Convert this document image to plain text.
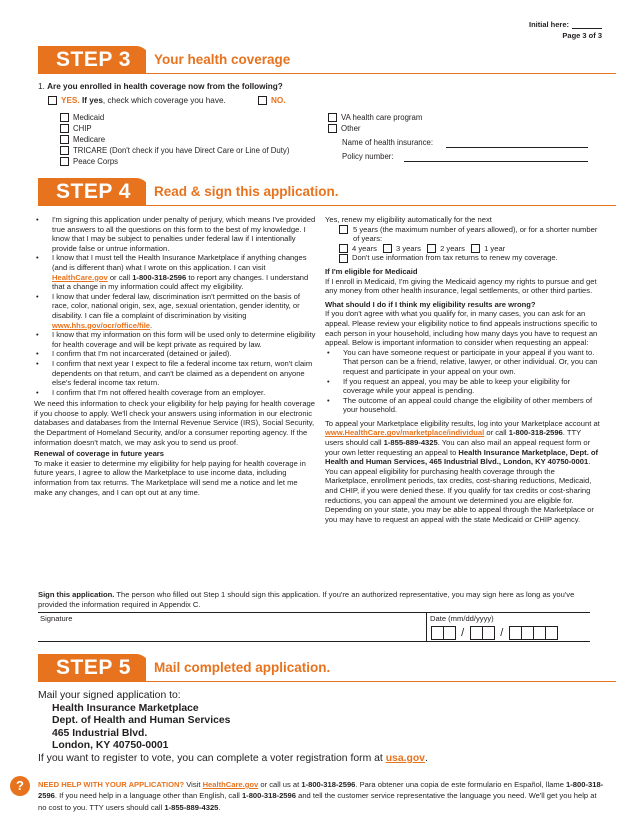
Initial here:
Page 3 of 3
STEP 3	Your health coverage
1. Are you enrolled in health coverage now from the following?
YES. If yes, check which coverage you have.	NO.
Medicaid
CHIP
Medicare
TRICARE (Don't check if you have Direct Care or Line of Duty)
Peace Corps
VA health care program
Other
Name of health insurance:
Policy number:
STEP 4	Read & sign this application.
• I'm signing this application under penalty of perjury, which means I've provided true answers to all the questions on this form to the best of my knowledge. I know that I may be subject to penalties under federal law if I intentionally provide false or untrue information.
• I know that I must tell the Health Insurance Marketplace if anything changes (and is different than) what I wrote on this application. I can visit HealthCare.gov or call 1-800-318-2596 to report any changes. I understand that a change in my information could affect my eligibility.
• I know that under federal law, discrimination isn't permitted on the basis of race, color, national origin, sex, age, sexual orientation, gender identity, or disability. I can file a complaint of discrimination by visiting www.hhs.gov/ocr/office/file.
• I know that my information on this form will be used only to determine eligibility for health coverage and will be kept private as required by law.
• I confirm that I'm not incarcerated (detained or jailed).
• I confirm that next year I expect to file a federal income tax return, won't claim dependents on that return, and can't be claimed as a dependent on anyone else's federal income tax return.
• I confirm that I'm not offered health coverage from an employer.

We need this information to check your eligibility for help paying for health coverage if you choose to apply. We'll check your answers using information in our electronic databases and databases from the Internal Revenue Service (IRS), Social Security, the Department of Homeland Security, and/or a consumer reporting agency. If the information doesn't match, we may ask you to send us proof.

Renewal of coverage in future years

To make it easier to determine my eligibility for help paying for health coverage in future years, I agree to allow the Marketplace to use income data, including information from tax returns. The Marketplace will send me a notice and let me make any changes, and I can opt out at any time.

Yes, renew my eligibility automatically for the next

5 years (the maximum number of years allowed), or for a shorter number of years:
4 years	3 years	2 years	1 year
Don't use information from tax returns to renew my coverage.

If I'm eligible for Medicaid

If I enroll in Medicaid, I'm giving the Medicaid agency my rights to pursue and get any money from other health insurance, legal settlements, or other third parties.

What should I do if I think my eligibility results are wrong?

If you don't agree with what you qualify for, in many cases, you can ask for an appeal. Please review your eligibility notice to find appeals instructions specific to each person in your household, including how many days you have to request an appeal. Below is important information to consider when requesting an appeal:

• You can have someone request or participate in your appeal if you want to. That person can be a friend, relative, lawyer, or other individual. Or, you can request and participate in your appeal on your own.
• If you request an appeal, you may be able to keep your eligibility for coverage while your appeal is pending.
• The outcome of an appeal could change the eligibility of other members of your household.

To appeal your Marketplace eligibility results, log into your Marketplace account at www.HealthCare.gov/marketplace/individual or call 1-800-318-2596. TTY users should call 1-855-889-4325. You can also mail an appeal request form or your own letter requesting an appeal to Health Insurance Marketplace, Dept. of Health and Human Services, 465 Industrial Blvd., London, KY 40750-0001. You can appeal eligibility for purchasing health coverage through the Marketplace, enrollment periods, tax credits, cost-sharing reductions, Medicaid, and CHIP, if you were denied these. If you qualify for tax credits or cost-sharing reductions, you can appeal the amount we determined you are eligible for. Depending on your state, you may be able to appeal through the Marketplace or you may have to request an appeal with the state Medicaid or CHIP agency.

Sign this application. The person who filled out Step 1 should sign this application. If you're an authorized representative, you may sign here as long as you've provided the information required in Appendix C.
Signature	Date (mm/dd/yyyy)
/	/
STEP 5	Mail completed application.

Mail your signed application to:

Health Insurance Marketplace

Dept. of Health and Human Services

465 Industrial Blvd.

London, KY 40750-0001

If you want to register to vote, you can complete a voter registration form at usa.gov.

?	NEED HELP WITH YOUR APPLICATION? Visit HealthCare.gov or call us at 1-800-318-2596. Para obtener una copia de este formulario en Español, llame 1-800-318-2596. If you need help in a language other than English, call 1-800-318-2596 and tell the customer service representative the language you need. We'll get you help at no cost to you. TTY users should call 1-855-889-4325.
